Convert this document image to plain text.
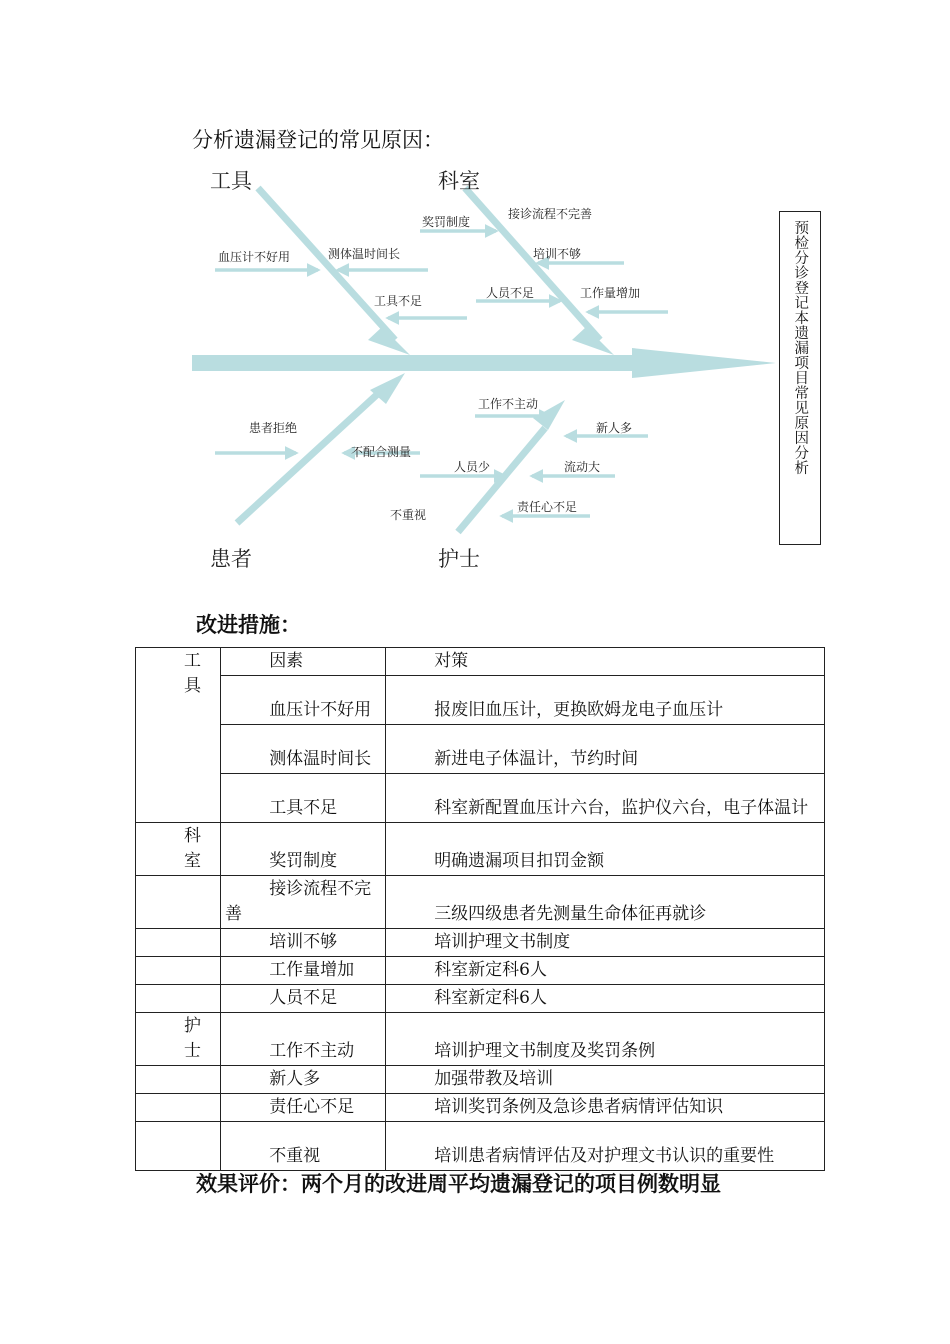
分析遗漏登记的常见原因：
工具	科室
患者	护士
血压计不好用	测体温时间长
工具不足
奖罚制度
接诊流程不完善
培训不够
人员不足	工作量增加
患者拒绝
不配合测量
工作不主动
新人多
人员少	流动大
不重视
责任心不足
预检分诊登记本遗漏项目常见原因分析
改进措施：
工具	因素	对策
	血压计不好用	报废旧血压计，更换欧姆龙电子血压计
	测体温时间长	新进电子体温计，节约时间
	工具不足	科室新配置血压计六台，监护仪六台，电子体温计

科室	奖罚制度	明确遗漏项目扣罚金额
	接诊流程不完善	三级四级患者先测量生命体征再就诊
	培训不够	培训护理文书制度
	工作量增加	科室新定科6人
	人员不足	科室新定科6人

护士	工作不主动	培训护理文书制度及奖罚条例
	新人多	加强带教及培训
	责任心不足	培训奖罚条例及急诊患者病情评估知识
	不重视	培训患者病情评估及对护理文书认识的重要性
效果评价：两个月的改进周平均遗漏登记的项目例数明显
